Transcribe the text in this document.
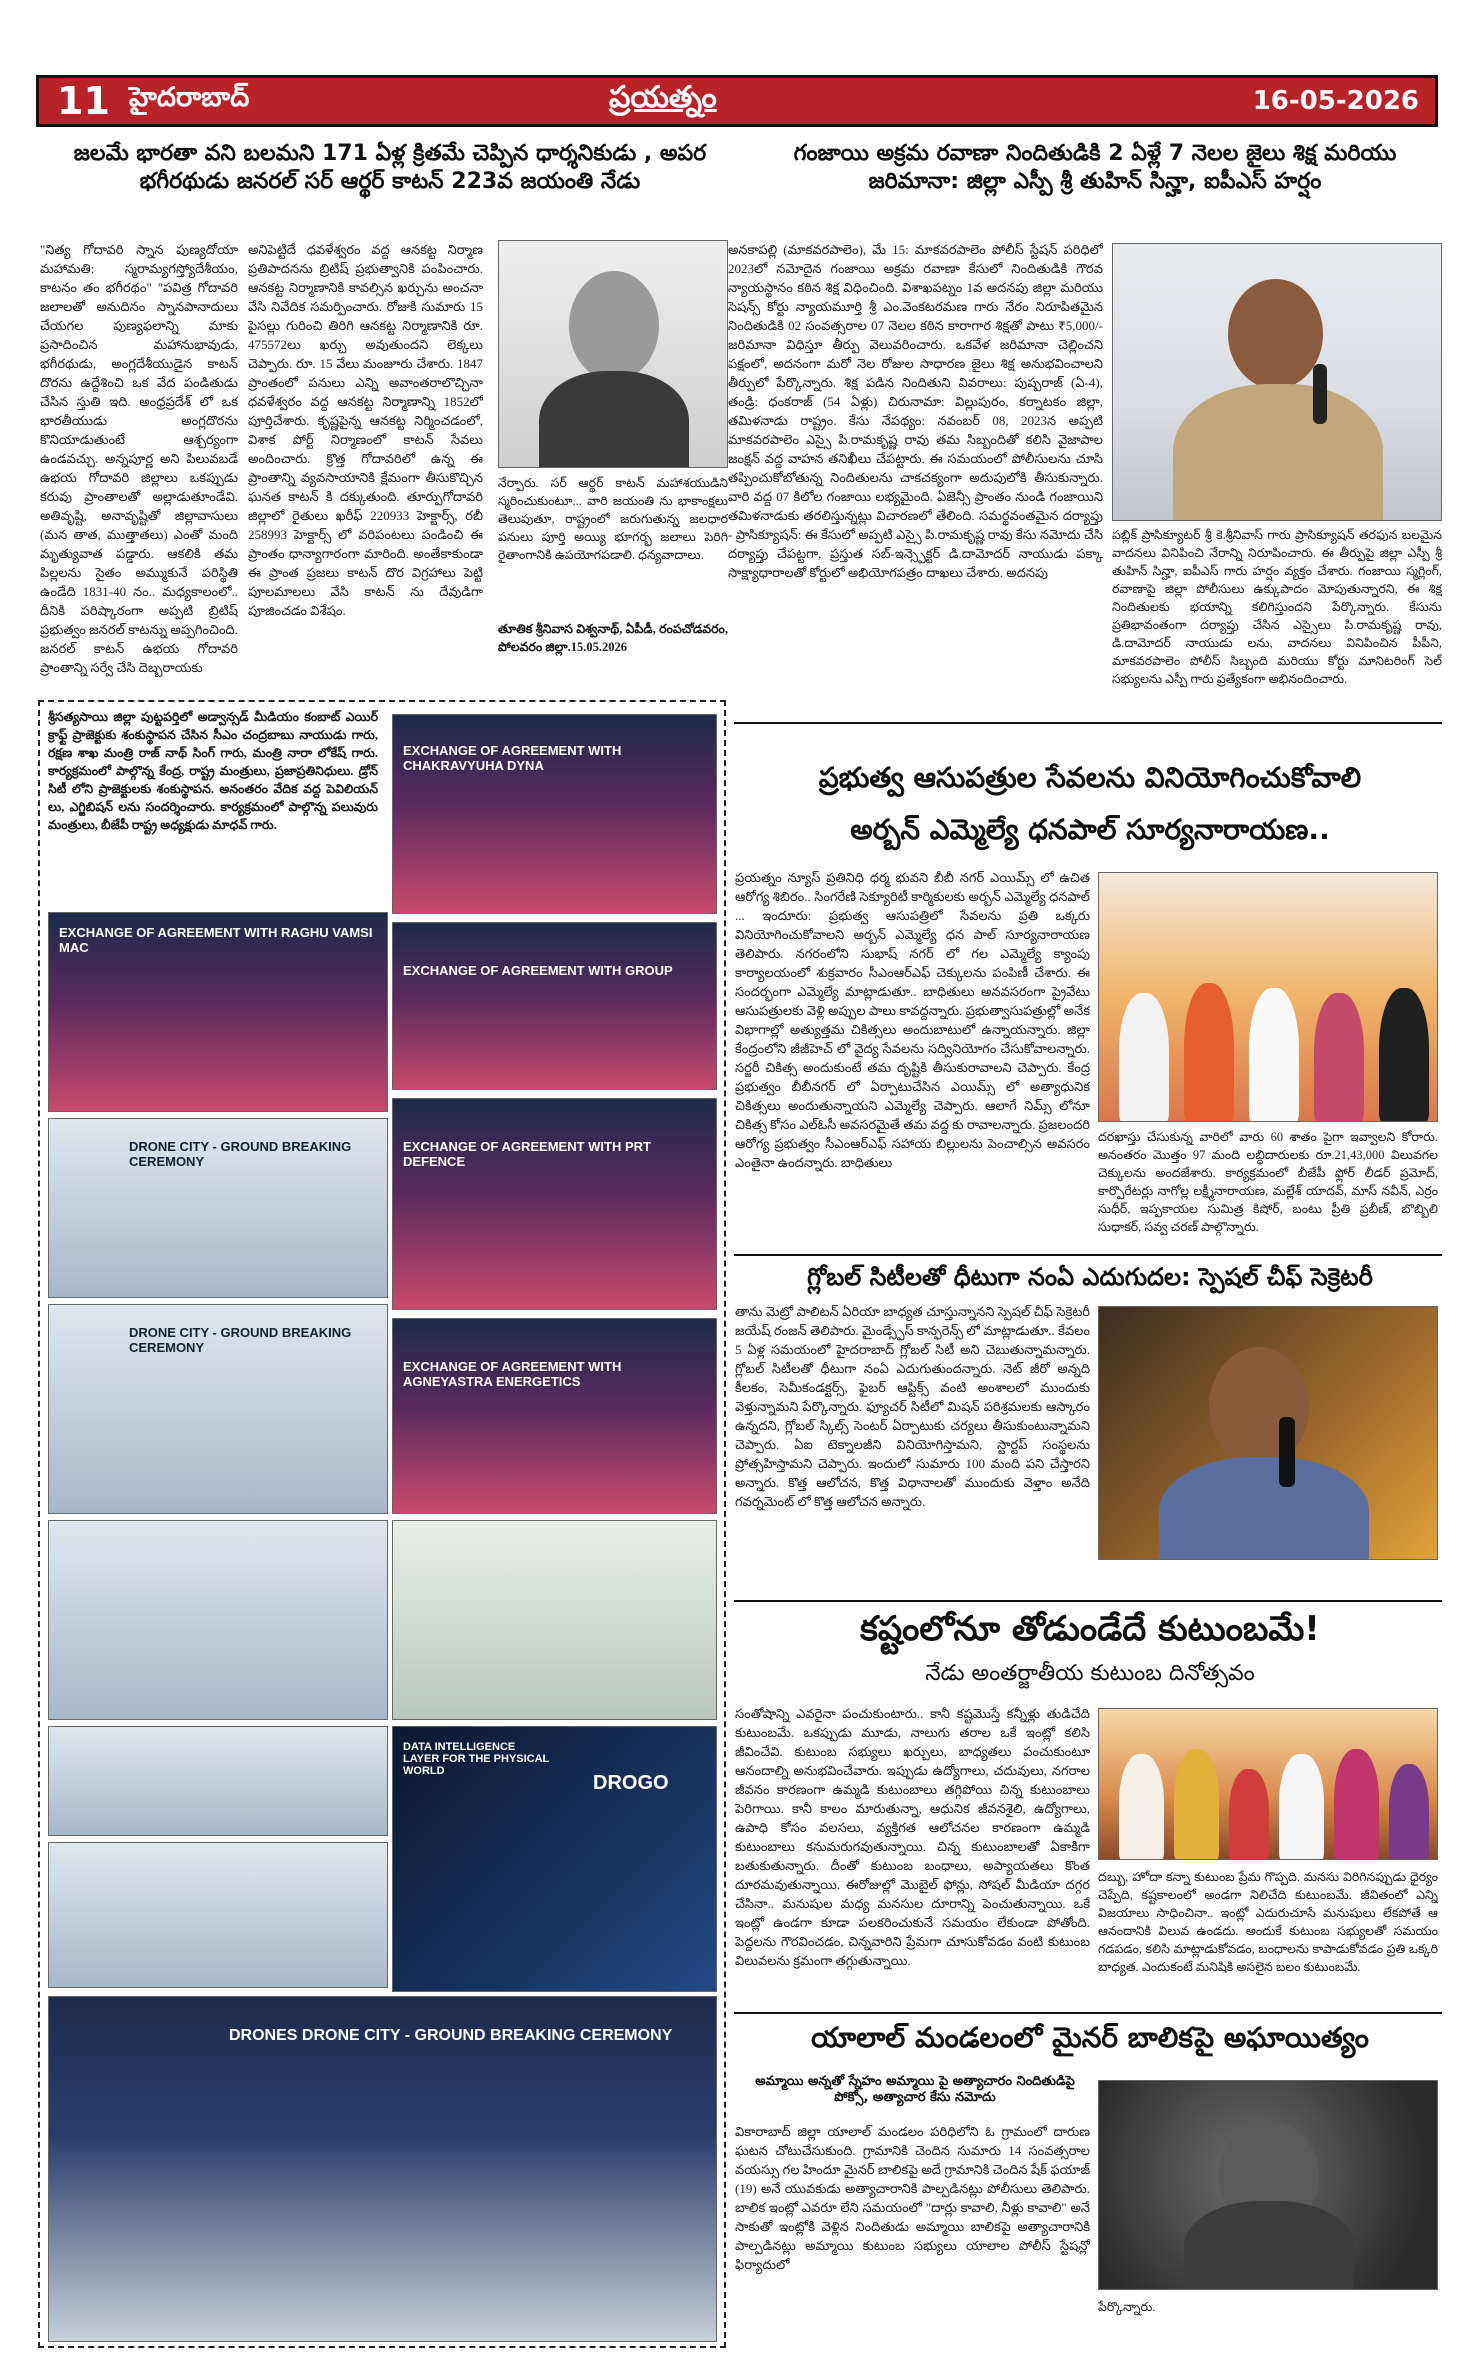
11 హైదరాబాద్	ప్రయత్నం	16-05-2026
జలమే భారతా వని బలమని 171 ఏళ్ల క్రితమే చెప్పిన ధార్శనికుడు , అపర భగీరథుడు జనరల్ సర్ ఆర్థర్ కాటన్ 223వ జయంతి నేడు
"నిత్య గోదావరి స్నాన పుణ్యదోయా మహామతి: స్మరామ్యగస్త్యోదేశీయం, కాటనం తం భగీరథం" "పవిత్ర గోదావరి జలాలతో అనుదినం స్నానపానాదులు చేయగల పుణ్యఫలాన్ని మాకు ప్రసాదించిన మహానుభావుడు, భగీరథుడు, అంగ్లదేశీయుడైన కాటన్ దొరను ఉద్దేశించి ఒక వేద పండితుడు చేసిన స్తుతి ఇది. అంధ్రప్రదేశ్ లో ఒక భారతీయుడు అంగ్లదొరను కొనియాడుతుంటే ఆశ్చర్యంగా ఉండవచ్చు. అన్నపూర్ణ అని పిలువబడే ఉభయ గోదావరి జిల్లాలు ఒకప్పుడు కరువు ప్రాంతాలతో అల్లాడుతూండేవి. అతివృష్టి, అనావృష్టితో జిల్లావాసులు (మన తాత, ముత్తాతలు) ఎంతో మంది మృత్యువాత పడ్డారు. ఆకలికి తమ పిల్లలను సైతం అమ్ముకునే పరిస్థితి ఉండేది 1831-40 నం.. మధ్యకాలంలో.. దీనికి పరిష్కారంగా అప్పటి బ్రిటిష్ ప్రభుత్వం జనరల్ కాటన్ను అప్పగించింది. జనరల్ కాటన్ ఉభయ గోదావరి ప్రాంతాన్ని సర్వే చేసి దెబ్బరాయకు
అనిపెట్టిదే ధవళేశ్వరం వద్ద ఆనకట్ట నిర్మాణ ప్రతిపాదనను బ్రిటిష్ ప్రభుత్వానికి పంపించారు. ఆనకట్ట నిర్మాణానికి కావల్సిన ఖర్చును అంచనా వేసి నివేదిక సమర్పించారు. రోజుకి సుమారు 15 పైసల్లు గురించి తిరిగి ఆనకట్ట నిర్మాణానికి రూ. 475572లు ఖర్చు అవుతుందని లెక్కలు చెప్పారు. రూ. 15 వేలు మంజూరు చేశారు. 1847 ప్రాంతంలో పనులు ఎన్ని అవాంతరాలొచ్చినా ధవళేశ్వరం వద్ద ఆనకట్ట నిర్మాణాన్ని 1852లో పూర్తిచేశారు. కృష్ణపైన్న ఆనకట్ట నిర్మించడంలో, విశాక పోర్ట్ నిర్మాణంలో కాటన్ సేవలు అందించారు. క్రొత్త గోదావరిలో ఉన్న ఈ ప్రాంతాన్ని వ్యవసాయానికి క్షేమంగా తీసుకొచ్చిన ఘనత కాటన్ కి దక్కుతుంది. తూర్పుగోదావరి జిల్లాలో రైతులు ఖరీఫ్ 220933 హెక్టార్స్, రబీ 258993 హెక్టార్స్ లో వరిపంటలు పండించి ఈ ప్రాంతం ధాన్యాగారంగా మారింది. అంతేకాకుండా ఈ ప్రాంత ప్రజలు కాటన్ దొర విగ్రహాలు పెట్టి పూలమాలలు వేసి కాటన్ ను దేవుడిగా పూజించడం విశేషం.
నేర్పారు. సర్ ఆర్థర్ కాటన్ మహాశయుడిని స్మరించుకుంటూ... వారి జయంతి ను భాకాంక్షలు తెలుపుతూ, రాష్ట్రంలో జరుగుతున్న జలధార పనులు పూర్తి అయ్యి భూగర్భ జలాలు పెరిగి రైతాంగానికి ఉపయోగపడాలి. ధన్యవాదాలు.
తూతిక శ్రీనివాస విశ్వనాథ్, ఏపీడీ, రంపచోడవరం, పోలవరం జిల్లా.15.05.2026
గంజాయి అక్రమ రవాణా నిందితుడికి 2 ఏళ్లే 7 నెలల జైలు శిక్ష మరియు జరిమానా: జిల్లా ఎస్పీ శ్రీ తుహిన్ సిన్హా, ఐపీఎస్ హర్షం
అనకాపల్లి (మాకవరపాలెం), మే 15: మాకవరపాలెం పోలీస్ స్టేషన్ పరిధిలో 2023లో నమోదైన గంజాయి అక్రమ రవాణా కేసులో నిందితుడికి గౌరవ న్యాయస్థానం కఠిన శిక్ష విధించింది. విశాఖపట్నం 1వ అదనపు జిల్లా మరియు సెషన్స్ కోర్టు న్యాయమూర్తి శ్రీ ఎం.వెంకటరమణ గారు నేరం నిరూపితమైన నిందితుడికి 02 సంవత్సరాల 07 నెలల కఠిన కారాగార శిక్షతో పాటు ₹5,000/- జరిమానా విధిస్తూ తీర్పు వెలువరించారు. ఒకవేళ జరిమానా చెల్లించని పక్షంలో, అదనంగా మరో నెల రోజుల సాధారణ జైలు శిక్ష అనుభవించాలని తీర్పులో పేర్కొన్నారు. శిక్ష పడిన నిందితుని వివరాలు: పుష్పరాజ్ (ఏ-4), తండ్రి: ధంకరాజ్ (54 ఏళ్లు) చిరునామా: విల్లుపురం, కర్నాటకం జిల్లా, తమిళనాడు రాష్ట్రం. కేసు నేపథ్యం: నవంబర్ 08, 2023న అప్పటి మాకవరపాలెం ఎస్సై పి.రామకృష్ణ రావు తమ సిబ్బందితో కలిసి వైజాపాల జంక్షన్ వద్ద వాహన తనిఖీలు చేపట్టారు. ఈ సమయంలో పోలీసులను చూసి తప్పించుకోబోతున్న నిందితులను చాకచక్యంగా అదుపులోకి తీసుకున్నారు. వారి వద్ద 07 కిలోల గంజాయి లభ్యమైంది. ఏజెన్సీ ప్రాంతం నుండి గంజాయిని తమిళనాడుకు తరలిస్తున్నట్లు విచారణలో తేలింది. సమర్థవంతమైన దర్యాప్తు - ప్రాసిక్యూషన్: ఈ కేసులో అప్పటి ఎస్సై పి.రామకృష్ణ రావు కేసు నమోదు చేసి దర్యాప్తు చేపట్టగా, ప్రస్తుత సబ్-ఇన్స్పెక్టర్ డి.దామోదర్ నాయుడు పక్కా సాక్ష్యాధారాలతో కోర్టులో అభియోగపత్రం దాఖలు చేశారు. అదనపు
పబ్లిక్ ప్రాసిక్యూటర్ శ్రీ కె.శ్రీనివాస్ గారు ప్రాసిక్యూషన్ తరఫున బలమైన వాదనలు వినిపించి నేరాన్ని నిరూపించారు. ఈ తీర్పుపై జిల్లా ఎస్పీ శ్రీ తుహిన్ సిన్హా, ఐపీఎస్ గారు హర్షం వ్యక్తం చేశారు. గంజాయి స్మగ్లింగ్, రవాణాపై జిల్లా పోలీసులు ఉక్కుపాదం మోపుతున్నారని, ఈ శిక్ష నిందితులకు భయాన్ని కలిగిస్తుందని పేర్కొన్నారు. కేసును ప్రతిభావంతంగా దర్యాప్తు చేసిన ఎస్సైలు పి.రామకృష్ణ రావు, డి.దామోదర్ నాయుడు లను, వాదనలు వినిపించిన పీపీని, మాకవరపాలెం పోలీస్ సిబ్బంది మరియు కోర్టు మానిటరింగ్ సెల్ సభ్యులను ఎస్పీ గారు ప్రత్యేకంగా అభినందించారు.
శ్రీసత్యసాయి జిల్లా పుట్టపర్తిలో అడ్వాన్సడ్ మీడియం కంబాట్ ఎయిర్ క్రాఫ్ట్ ప్రాజెక్టుకు శంకుస్థాపన చేసిన సీఎం చంద్రబాబు నాయుడు గారు, రక్షణ శాఖ మంత్రి రాజ్ నాథ్ సింగ్ గారు, మంత్రి నారా లోకేష్ గారు. కార్యక్రమంలో పాల్గొన్న కేంద్ర, రాష్ట్ర మంత్రులు, ప్రజాప్రతినిధులు. డ్రోన్ సిటీ లోని ప్రాజెక్టులకు శంకుస్థాపన. అనంతరం వేదిక వద్ద పెవిలియన్ లు, ఎగ్జిబిషన్ లను సందర్శించారు. కార్యక్రమంలో పాల్గొన్న పలువురు మంత్రులు, బీజేపీ రాష్ట్ర అధ్యక్షుడు మాధవ్ గారు.
EXCHANGE OF AGREEMENT WITH CHAKRAVYUHA DYNA
EXCHANGE OF AGREEMENT WITH RAGHU VAMSI MAC
EXCHANGE OF AGREEMENT WITH GROUP
DRONE CITY - GROUND BREAKING CEREMONY
EXCHANGE OF AGREEMENT WITH PRT DEFENCE
DRONE CITY - GROUND BREAKING CEREMONY
EXCHANGE OF AGREEMENT WITH AGNEYASTRA ENERGETICS
DATA INTELLIGENCE LAYER FOR THE PHYSICAL WORLD
DROGO
DRONES DRONE CITY - GROUND BREAKING CEREMONY
ప్రభుత్వ ఆసుపత్రుల సేవలను వినియోగించుకోవాలి
అర్బన్ ఎమ్మెల్యే ధనపాల్ సూర్యనారాయణ..
ప్రయత్నం న్యూస్ ప్రతినిధి ధర్మ భువని బీబీ నగర్ ఎయిమ్స్ లో ఉచిత ఆరోగ్య శిబిరం.. సింగరేణి సెక్యూరిటీ కార్మికులకు అర్బన్ ఎమ్మెల్యే ధనపాల్ ... ఇందూరు: ప్రభుత్వ ఆసుపత్రిలో సేవలను ప్రతి ఒక్కరు వినియోగించుకోవాలని అర్బన్ ఎమ్మెల్యే ధన పాల్ సూర్యనారాయణ తెలిపారు. నగరంలోని సుభాష్ నగర్ లో గల ఎమ్మెల్యే క్యాంపు కార్యాలయంలో శుక్రవారం సీఎంఆర్ఎఫ్ చెక్కులను పంపిణీ చేశారు. ఈ సందర్భంగా ఎమ్మెల్యే మాట్లాడుతూ.. బాధితులు అనవసరంగా ప్రైవేటు ఆసుపత్రులకు వెళ్లి అప్పుల పాలు కావద్దన్నారు. ప్రభుత్వాసుపత్రుల్లో అనేక విభాగాల్లో అత్యుత్తమ చికిత్సలు అందుబాటులో ఉన్నాయన్నారు. జిల్లా కేంద్రంలోని జీజీహెచ్ లో వైద్య సేవలను సద్వినియోగం చేసుకోవాలన్నారు. సర్జరీ చికిత్స అందుకుంటే తమ దృష్టికి తీసుకురావాలని చెప్పారు. కేంద్ర ప్రభుత్వం బీబీనగర్ లో ఏర్పాటుచేసిన ఎయిమ్స్ లో అత్యాధునిక చికిత్సలు అందుతున్నాయని ఎమ్మెల్యే చెప్పారు. ఆలాగే నిమ్స్ లోనూ చికిత్స కోసం ఎల్ఓసీ అవసరమైతే తమ వద్ద కు రావాలన్నారు. ప్రజలందరి ఆరోగ్య ప్రభుత్వం సీఎంఆర్ఎఫ్ సహాయ బిల్లులను పెంచాల్సిన అవసరం ఎంతైనా ఉందన్నారు. బాధితులు
దరఖాస్తు చేసుకున్న వారిలో వారు 60 శాతం పైగా ఇవ్వాలని కోరారు. అనంతరం మొత్తం 97 మంది లబ్ధిదారులకు రూ.21,43,000 విలువగల చెక్కులను అందజేశారు. కార్యక్రమంలో బీజేపీ ఫ్లోర్ లీడర్ ప్రమోద్, కార్పొరేటర్లు నాగోల్ల లక్ష్మీనారాయణ, మల్లేశ్ యాదవ్, మాస్ నవీన్, ఎర్రం సుధీర్, ఇప్పకాయల సుమిత్ర కిషోర్, బంటు ప్రీతి ప్రబీణ్, బొబ్బిలి సుధాకర్, సవ్వ చరణ్ పాల్గొన్నారు.
గ్లోబల్ సిటీలతో ధీటుగా నంఏ ఎదుగుదల: స్పెషల్ చీఫ్ సెక్రెటరీ
తాను మెట్రో పాలిటన్ ఏరియా బాధ్యత చూస్తున్నానని స్పెషల్ చీఫ్ సెక్రెటరీ జయేష్ రంజన్ తెలిపారు. మైండ్స్పేస్ కాన్ఫరెన్స్ లో మాట్లాడుతూ.. కేవలం 5 ఏళ్ల సమయంలో హైదరాబాద్ గ్లోబల్ సిటీ అని చెబుతున్నామన్నారు. గ్లోబల్ సిటీలతో ధీటుగా నంఏ ఎదుగుతుందన్నారు. నెట్ జీరో అన్నది కీలకం, సెమీకండక్టర్స్, ఫైబర్ ఆప్టిక్స్ వంటి అంశాలలో ముందుకు వెళ్తున్నామని పేర్కొన్నారు. ఫ్యూచర్ సిటీలో మిషన్ పరిశ్రమలకు ఆస్కారం ఉన్నదని, గ్లోబల్ స్కిల్స్ సెంటర్ ఏర్పాటుకు చర్యలు తీసుకుంటున్నామని చెప్పారు. ఏఐ టెక్నాలజీని వినియోగిస్తామని, స్టార్టప్ సంస్థలను ప్రోత్సహిస్తామని చెప్పారు. ఇందులో సుమారు 100 మంది పని చేస్తారని అన్నారు. కొత్త ఆలోచన, కొత్త విధానాలతో ముందుకు వెళ్తాం అనేది గవర్నమెంట్ లో కొత్త ఆలోచన అన్నారు.
కష్టంలోనూ తోడుండేదే కుటుంబమే!
నేడు అంతర్జాతీయ కుటుంబ దినోత్సవం
సంతోషాన్ని ఎవరైనా పంచుకుంటారు.. కానీ కష్టమొస్తే కన్నీళ్లు తుడిచేది కుటుంబమే. ఒకప్పుడు మూడు, నాలుగు తరాల ఒకే ఇంట్లో కలిసి జీవించేవి. కుటుంబ సభ్యులు ఖర్చులు, బాధ్యతలు పంచుకుంటూ ఆనందాల్ని అనుభవించేవారు. ఇప్పుడు ఉద్యోగాలు, చదువులు, నగరాల జీవనం కారణంగా ఉమ్మడి కుటుంబాలు తగ్గిపోయి చిన్న కుటుంబాలు పెరిగాయి. కానీ కాలం మారుతున్నా, ఆధునిక జీవనశైలి, ఉద్యోగాలు, ఉపాధి కోసం వలసలు, వ్యక్తిగత ఆలోచనల కారణంగా ఉమ్మడి కుటుంబాలు కనుమరుగవుతున్నాయి. చిన్న కుటుంబాలతో ఏకాకిగా బతుకుతున్నారు. దీంతో కుటుంబ బంధాలు, అప్యాయతలు కొంత దూరమవుతున్నాయి. ఈరోజుల్లో మొబైల్ ఫోన్లు, సోషల్ మీడియా దగ్గర చేసినా.. మనుషుల మధ్య మనసుల దూరాన్ని పెంచుతున్నాయి. ఒకే ఇంట్లో ఉండగా కూడా పలకరించుకునే సమయం లేకుండా పోతోంది. పెద్దలను గౌరవించడం, చిన్నవారిని ప్రేమగా చూసుకోవడం వంటి కుటుంబ విలువలను క్రమంగా తగ్గుతున్నాయి.
దబ్బు, హోదా కన్నా కుటుంబ ప్రేమ గొప్పది. మనసు విరిగినప్పుడు ధైర్యం చెప్పేది, కష్టకాలంలో అండగా నిలిచేది కుటుంబమే. జీవితంలో ఎన్ని విజయాలు సాధించినా.. ఇంట్లో ఎదురుచూసే మనుషులు లేకపోతే ఆ ఆనందానికి విలువ ఉండదు. అందుకే కుటుంబ సభ్యులతో సమయం గడపడం, కలిసి మాట్లాడుకోవడం, బంధాలను కాపాడుకోవడం ప్రతి ఒక్కరి బాధ్యత. ఎందుకంటే మనిషికి అసలైన బలం కుటుంబమే.
యాలాల్ మండలంలో మైనర్ బాలికపై అఘాయిత్యం
అమ్మాయి అన్నతో స్నేహం అమ్మాయి పై అత్యాచారం నిందితుడిపై పోక్సో, అత్యాచార కేసు నమోదు
వికారాబాద్ జిల్లా యాలాల్ మండలం పరిధిలోని ఓ గ్రామంలో దారుణ ఘటన చోటుచేసుకుంది. గ్రామానికి చెందిన సుమారు 14 సంవత్సరాల వయస్సు గల హిందూ మైనర్ బాలికపై అదే గ్రామానికి చెందిన షేక్ ఫయాజ్ (19) అనే యువకుడు అత్యాచారానికి పాల్పడినట్లు పోలీసులు తెలిపారు. బాలిక ఇంట్లో ఎవరూ లేని సమయంలో "దార్లు కావాలి, నీళ్లు కావాలి" అనే సాకుతో ఇంట్లోకి వెళ్లిన నిందితుడు అమ్మాయి బాలికపై అత్యాచారానికి పాల్పడినట్లు అమ్మాయి కుటుంబ సభ్యులు యాలాల పోలీస్ స్టేషన్లో ఫిర్యాదులో
పేర్కొన్నారు.
